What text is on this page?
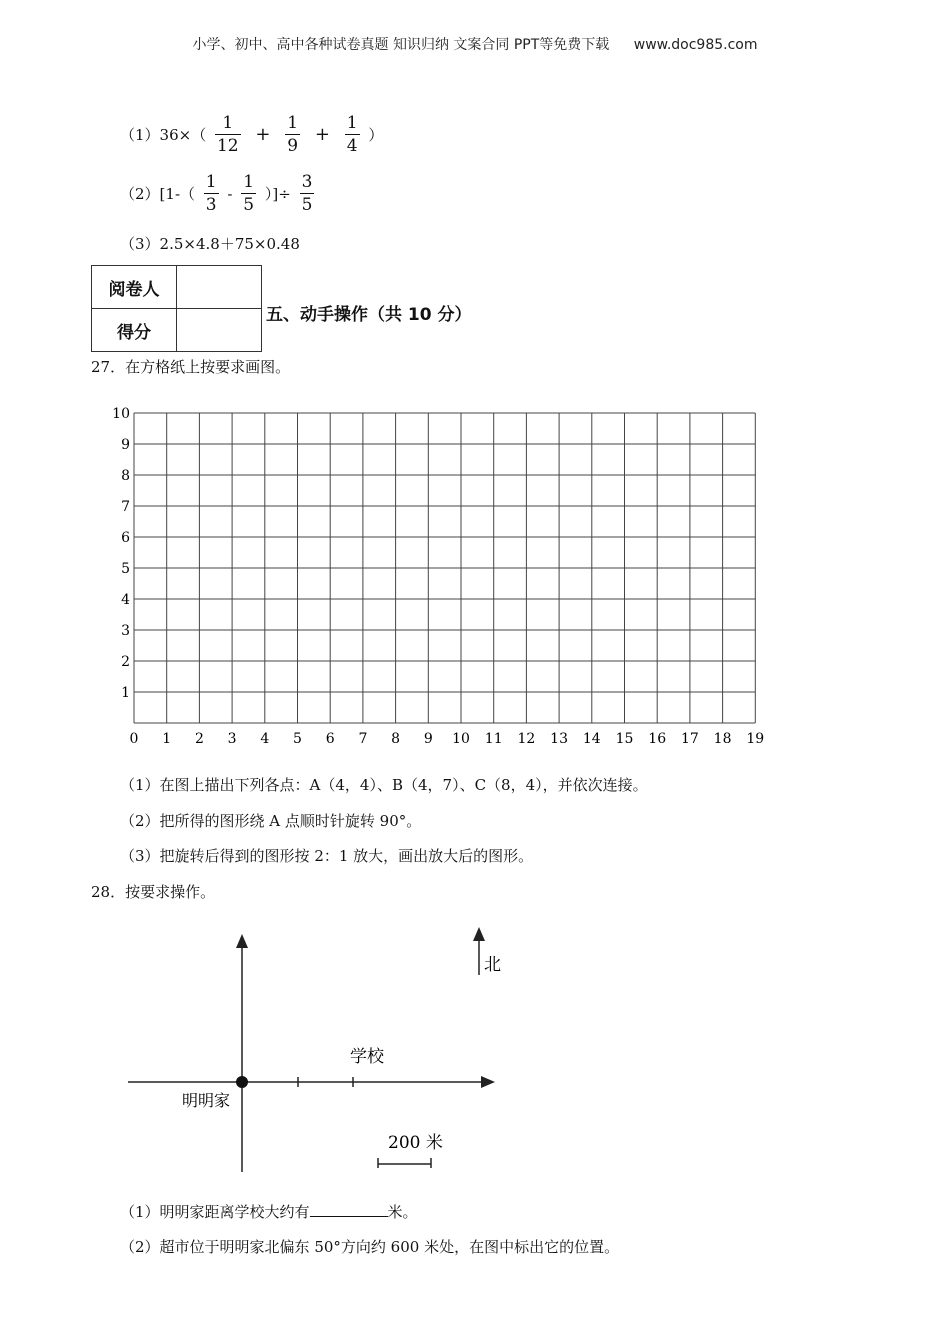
小学、初中、高中各种试卷真题 知识归纳 文案合同 PPT等免费下载 www.doc985.com
$(1)36\times( \frac{1}{12} + \frac{1}{9} + \frac{1}{4}$ ）
$(2)[1-( \frac{1}{3} - \frac{1}{5}$ ）]÷ $\frac{3}{5}$
（3）2.5×4.8＋75×0.48
阅卷人	
得分	
五、动手操作（共 10 分）
27．在方格纸上按要求画图。
1
2
3
4
5
6
7
8
9
10
0 1 2 3 4 5 6 7 8 9 10 11 12 13 14 15 16 17 18 19
（1）在图上描出下列各点：A（4，4）、B（4，7）、C（8，4），并依次连接。
（2）把所得的图形绕 A 点顺时针旋转 90°。
（3）把旋转后得到的图形按 2：1 放大，画出放大后的图形。
28．按要求操作。
北
学校
明明家
200 米
（1）明明家距离学校大约有	米。
（2）超市位于明明家北偏东 50°方向约 600 米处，在图中标出它的位置。
